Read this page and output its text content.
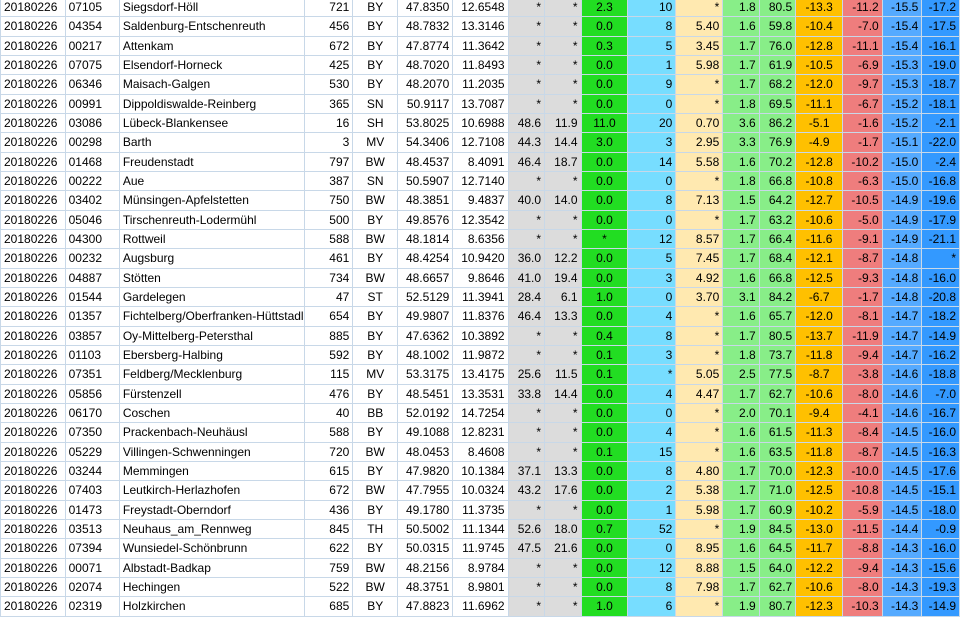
20180226	07105	Siegsdorf-Höll	721	BY	47.8350	12.6548	*	*	2.3	10	*	1.8	80.5	-13.3	-11.2	-15.5	-17.2
20180226	04354	Saldenburg-Entschenreuth	456	BY	48.7832	13.3146	*	*	0.0	8	5.40	1.6	59.8	-10.4	-7.0	-15.4	-17.5
20180226	00217	Attenkam	672	BY	47.8774	11.3642	*	*	0.3	5	3.45	1.7	76.0	-12.8	-11.1	-15.4	-16.1
20180226	07075	Elsendorf-Horneck	425	BY	48.7020	11.8493	*	*	0.0	1	5.98	1.7	61.9	-10.5	-6.9	-15.3	-19.0
20180226	06346	Maisach-Galgen	530	BY	48.2070	11.2035	*	*	0.0	9	*	1.7	68.2	-12.0	-9.7	-15.3	-18.7
20180226	00991	Dippoldiswalde-Reinberg	365	SN	50.9117	13.7087	*	*	0.0	0	*	1.8	69.5	-11.1	-6.7	-15.2	-18.1
20180226	03086	Lübeck-Blankensee	16	SH	53.8025	10.6988	48.6	11.9	11.0	20	0.70	3.6	86.2	-5.1	-1.6	-15.2	-2.1
20180226	00298	Barth	3	MV	54.3406	12.7108	44.3	14.4	3.0	3	2.95	3.3	76.9	-4.9	-1.7	-15.1	-22.0
20180226	01468	Freudenstadt	797	BW	48.4537	8.4091	46.4	18.7	0.0	14	5.58	1.6	70.2	-12.8	-10.2	-15.0	-2.4
20180226	00222	Aue	387	SN	50.5907	12.7140	*	*	0.0	0	*	1.8	66.8	-10.8	-6.3	-15.0	-16.8
20180226	03402	Münsingen-Apfelstetten	750	BW	48.3851	9.4837	40.0	14.0	0.0	8	7.13	1.5	64.2	-12.7	-10.5	-14.9	-19.6
20180226	05046	Tirschenreuth-Lodermühl	500	BY	49.8576	12.3542	*	*	0.0	0	*	1.7	63.2	-10.6	-5.0	-14.9	-17.9
20180226	04300	Rottweil	588	BW	48.1814	8.6356	*	*	*	12	8.57	1.7	66.4	-11.6	-9.1	-14.9	-21.1
20180226	00232	Augsburg	461	BY	48.4254	10.9420	36.0	12.2	0.0	5	7.45	1.7	68.4	-12.1	-8.7	-14.8	*
20180226	04887	Stötten	734	BW	48.6657	9.8646	41.0	19.4	0.0	3	4.92	1.6	66.8	-12.5	-9.3	-14.8	-16.0
20180226	01544	Gardelegen	47	ST	52.5129	11.3941	28.4	6.1	1.0	0	3.70	3.1	84.2	-6.7	-1.7	-14.8	-20.8
20180226	01357	Fichtelberg/Oberfranken-Hüttstadl	654	BY	49.9807	11.8376	46.4	13.3	0.0	4	*	1.6	65.7	-12.0	-8.1	-14.7	-18.2
20180226	03857	Oy-Mittelberg-Petersthal	885	BY	47.6362	10.3892	*	*	0.4	8	*	1.7	80.5	-13.7	-11.9	-14.7	-14.9
20180226	01103	Ebersberg-Halbing	592	BY	48.1002	11.9872	*	*	0.1	3	*	1.8	73.7	-11.8	-9.4	-14.7	-16.2
20180226	07351	Feldberg/Mecklenburg	115	MV	53.3175	13.4175	25.6	11.5	0.1	*	5.05	2.5	77.5	-8.7	-3.8	-14.6	-18.8
20180226	05856	Fürstenzell	476	BY	48.5451	13.3531	33.8	14.4	0.0	4	4.47	1.7	62.7	-10.6	-8.0	-14.6	-7.0
20180226	06170	Coschen	40	BB	52.0192	14.7254	*	*	0.0	0	*	2.0	70.1	-9.4	-4.1	-14.6	-16.7
20180226	07350	Prackenbach-Neuhäusl	588	BY	49.1088	12.8231	*	*	0.0	4	*	1.6	61.5	-11.3	-8.4	-14.5	-16.0
20180226	05229	Villingen-Schwenningen	720	BW	48.0453	8.4608	*	*	0.1	15	*	1.6	63.5	-11.8	-8.7	-14.5	-16.3
20180226	03244	Memmingen	615	BY	47.9820	10.1384	37.1	13.3	0.0	8	4.80	1.7	70.0	-12.3	-10.0	-14.5	-17.6
20180226	07403	Leutkirch-Herlazhofen	672	BW	47.7955	10.0324	43.2	17.6	0.0	2	5.38	1.7	71.0	-12.5	-10.8	-14.5	-15.1
20180226	01473	Freystadt-Oberndorf	436	BY	49.1780	11.3735	*	*	0.0	1	5.98	1.7	60.9	-10.2	-5.9	-14.5	-18.0
20180226	03513	Neuhaus_am_Rennweg	845	TH	50.5002	11.1344	52.6	18.0	0.7	52	*	1.9	84.5	-13.0	-11.5	-14.4	-0.9
20180226	07394	Wunsiedel-Schönbrunn	622	BY	50.0315	11.9745	47.5	21.6	0.0	0	8.95	1.6	64.5	-11.7	-8.8	-14.3	-16.0
20180226	00071	Albstadt-Badkap	759	BW	48.2156	8.9784	*	*	0.0	12	8.88	1.5	64.0	-12.2	-9.4	-14.3	-15.6
20180226	02074	Hechingen	522	BW	48.3751	8.9801	*	*	0.0	8	7.98	1.7	62.7	-10.6	-8.0	-14.3	-19.3
20180226	02319	Holzkirchen	685	BY	47.8823	11.6962	*	*	1.0	6	*	1.9	80.7	-12.3	-10.3	-14.3	-14.9
